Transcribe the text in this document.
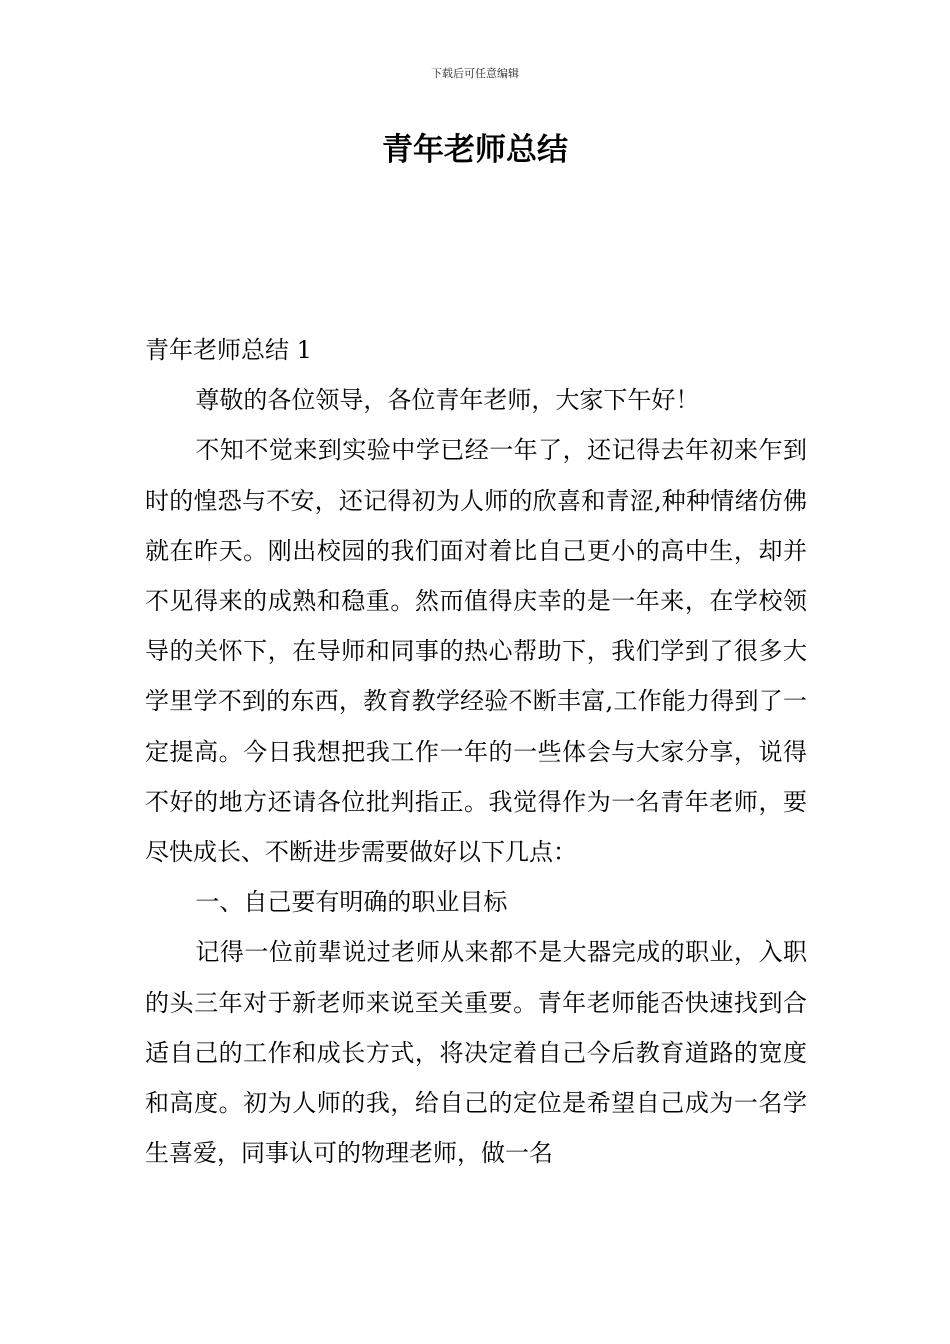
下载后可任意编辑
青年老师总结

青年老师总结 1

尊敬的各位领导，各位青年老师，大家下午好！

不知不觉来到实验中学已经一年了，还记得去年初来乍到时的惶恐与不安，还记得初为人师的欣喜和青涩,种种情绪仿佛就在昨天。刚出校园的我们面对着比自己更小的高中生，却并不见得来的成熟和稳重。然而值得庆幸的是一年来，在学校领导的关怀下，在导师和同事的热心帮助下，我们学到了很多大学里学不到的东西，教育教学经验不断丰富,工作能力得到了一定提高。今日我想把我工作一年的一些体会与大家分享，说得不好的地方还请各位批判指正。我觉得作为一名青年老师，要尽快成长、不断进步需要做好以下几点：

一、自己要有明确的职业目标

记得一位前辈说过老师从来都不是大器完成的职业，入职的头三年对于新老师来说至关重要。青年老师能否快速找到合适自己的工作和成长方式，将决定着自己今后教育道路的宽度和高度。初为人师的我，给自己的定位是希望自己成为一名学生喜爱，同事认可的物理老师，做一名
